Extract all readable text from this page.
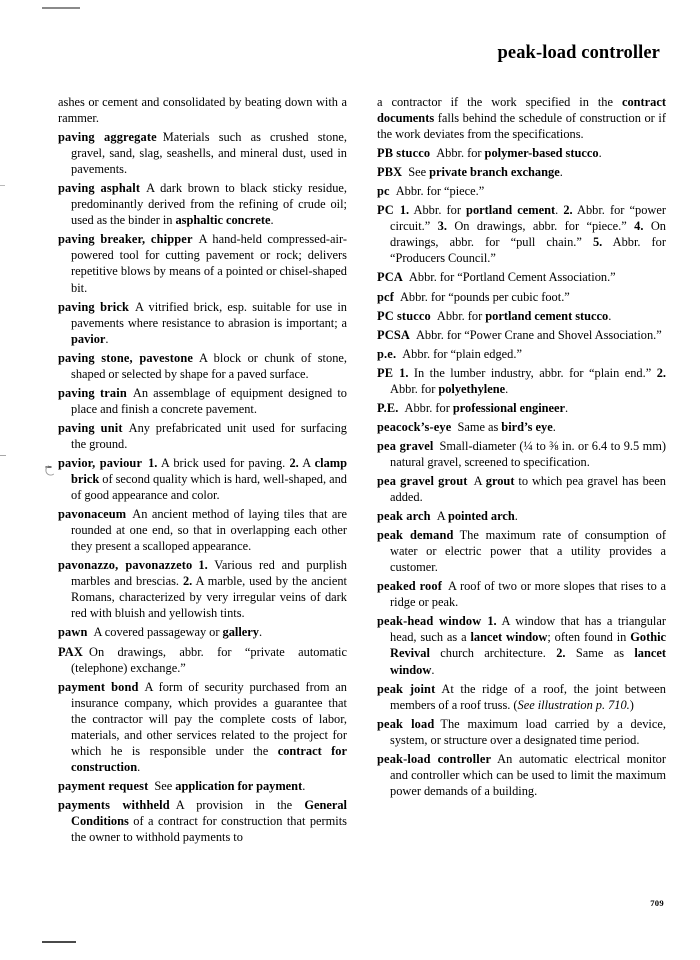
peak-load controller
ashes or cement and consolidated by beating down with a rammer.
paving aggregate Materials such as crushed stone, gravel, sand, slag, seashells, and mineral dust, used in pavements.
paving asphalt A dark brown to black sticky residue, predominantly derived from the refining of crude oil; used as the binder in asphaltic concrete.
paving breaker, chipper A hand-held compressed-air-powered tool for cutting pavement or rock; delivers repetitive blows by means of a pointed or chisel-shaped bit.
paving brick A vitrified brick, esp. suitable for use in pavements where resistance to abrasion is important; a pavior.
paving stone, pavestone A block or chunk of stone, shaped or selected by shape for a paved surface.
paving train An assemblage of equipment designed to place and finish a concrete pavement.
paving unit Any prefabricated unit used for surfacing the ground.
pavior, paviour 1. A brick used for paving. 2. A clamp brick of second quality which is hard, well-shaped, and of good appearance and color.
pavonaceum An ancient method of laying tiles that are rounded at one end, so that in overlapping each other they present a scalloped appearance.
pavonazzo, pavonazzeto 1. Various red and purplish marbles and brescias. 2. A marble, used by the ancient Romans, characterized by very irregular veins of dark red with bluish and yellowish tints.
pawn A covered passageway or gallery.
PAX On drawings, abbr. for “private automatic (telephone) exchange.”
payment bond A form of security purchased from an insurance company, which provides a guarantee that the contractor will pay the complete costs of labor, materials, and other services related to the project for which he is responsible under the contract for construction.
payment request See application for payment.
payments withheld A provision in the General Conditions of a contract for construction that permits the owner to withhold payments to
a contractor if the work specified in the contract documents falls behind the schedule of construction or if the work deviates from the specifications.
PB stucco Abbr. for polymer-based stucco.
PBX See private branch exchange.
pc Abbr. for “piece.”
PC 1. Abbr. for portland cement. 2. Abbr. for “power circuit.” 3. On drawings, abbr. for “piece.” 4. On drawings, abbr. for “pull chain.” 5. Abbr. for “Producers Council.”
PCA Abbr. for “Portland Cement Association.”
pcf Abbr. for “pounds per cubic foot.”
PC stucco Abbr. for portland cement stucco.
PCSA Abbr. for “Power Crane and Shovel Association.”
p.e. Abbr. for “plain edged.”
PE 1. In the lumber industry, abbr. for “plain end.” 2. Abbr. for polyethylene.
P.E. Abbr. for professional engineer.
peacock’s-eye Same as bird’s eye.
pea gravel Small-diameter (¼ to ⅜ in. or 6.4 to 9.5 mm) natural gravel, screened to specification.
pea gravel grout A grout to which pea gravel has been added.
peak arch A pointed arch.
peak demand The maximum rate of consumption of water or electric power that a utility provides a customer.
peaked roof A roof of two or more slopes that rises to a ridge or peak.
peak-head window 1. A window that has a triangular head, such as a lancet window; often found in Gothic Revival church architecture. 2. Same as lancet window.
peak joint At the ridge of a roof, the joint between members of a roof truss. (See illustration p. 710.)
peak load The maximum load carried by a device, system, or structure over a designated time period.
peak-load controller An automatic electrical monitor and controller which can be used to limit the maximum power demands of a building.
709
